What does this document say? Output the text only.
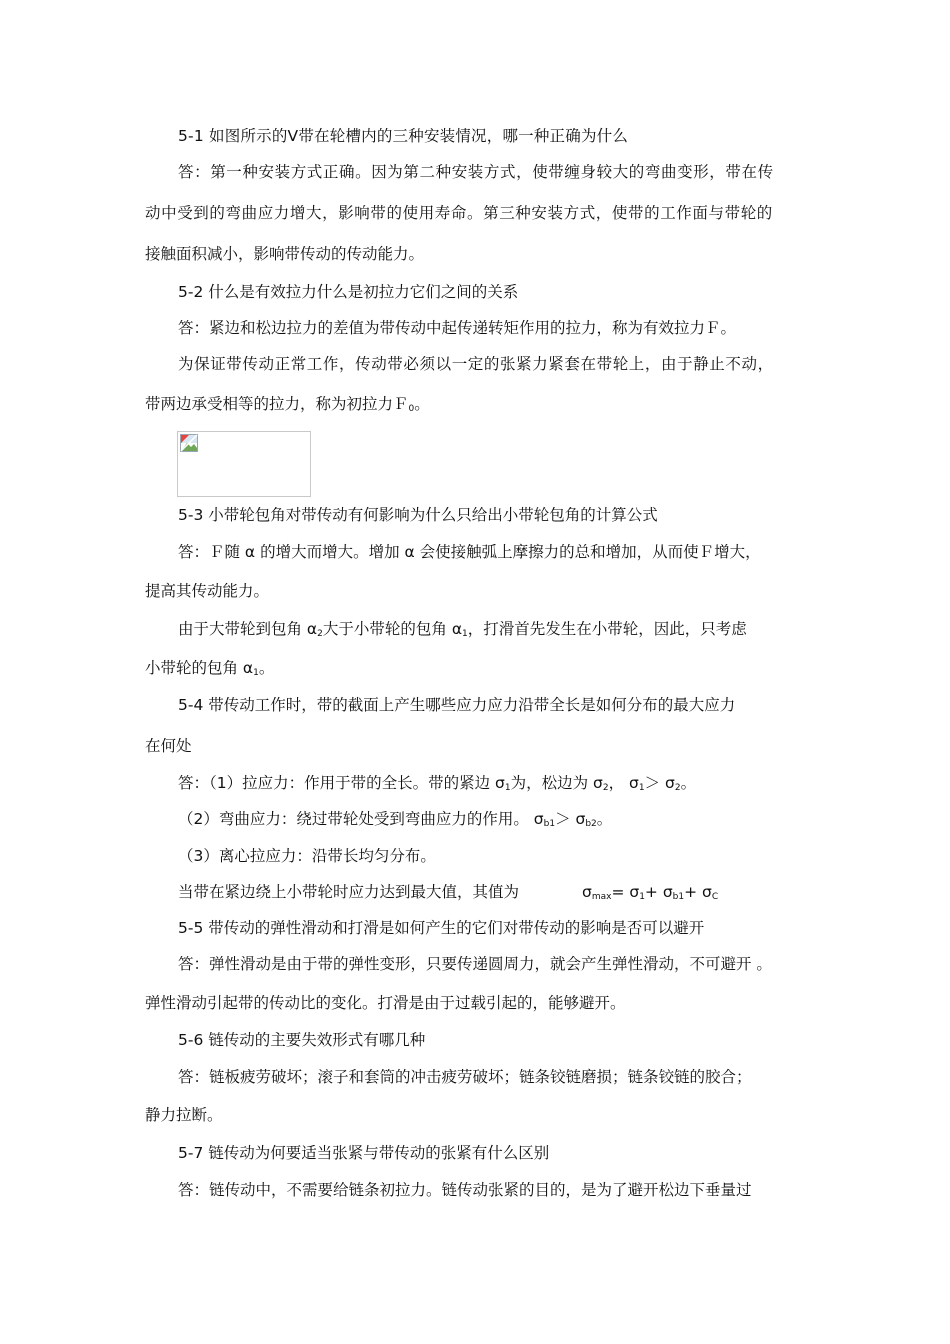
5-1 如图所示的Ⅴ带在轮槽内的三种安装情况，哪一种正确为什么

答：第一种安装方式正确。因为第二种安装方式，使带缠身较大的弯曲变形，带在传

动中受到的弯曲应力增大，影响带的使用寿命。第三种安装方式，使带的工作面与带轮的

接触面积减小，影响带传动的传动能力。

5-2 什么是有效拉力什么是初拉力它们之间的关系

答：紧边和松边拉力的差值为带传动中起传递转矩作用的拉力，称为有效拉力Ｆ。

为保证带传动正常工作，传动带必须以一定的张紧力紧套在带轮上，由于静止不动，

带两边承受相等的拉力，称为初拉力Ｆ$_0$。

5-3 小带轮包角对带传动有何影响为什么只给出小带轮包角的计算公式

答：Ｆ随 α 的增大而增大。增加 α 会使接触弧上摩擦力的总和增加，从而使Ｆ增大，

提高其传动能力。

由于大带轮到包角 $\alpha_2$大于小带轮的包角 $\alpha_1$，打滑首先发生在小带轮，因此，只考虑

小带轮的包角 $\alpha_1$。

5-4 带传动工作时，带的截面上产生哪些应力应力沿带全长是如何分布的最大应力

在何处

答：（1）拉应力：作用于带的全长。带的紧边 $\sigma_1$为，松边为 $\sigma_2$， $\sigma_1> \sigma_2$。

（2）弯曲应力：绕过带轮处受到弯曲应力的作用。 $\sigma_{b1}> \sigma_{b2}$。

（3）离心拉应力：沿带长均匀分布。

当带在紧边绕上小带轮时应力达到最大值，其值为	$\sigma_{max}= \sigma_1+ \sigma_{b1}+ \sigma_C$

5-5 带传动的弹性滑动和打滑是如何产生的它们对带传动的影响是否可以避开

答：弹性滑动是由于带的弹性变形，只要传递圆周力，就会产生弹性滑动，不可避开 。

弹性滑动引起带的传动比的变化。打滑是由于过载引起的，能够避开。

5-6 链传动的主要失效形式有哪几种

答：链板疲劳破坏；滚子和套筒的冲击疲劳破坏；链条铰链磨损；链条铰链的胶合；

静力拉断。

5-7 链传动为何要适当张紧与带传动的张紧有什么区别

答：链传动中，不需要给链条初拉力。链传动张紧的目的，是为了避开松边下垂量过
